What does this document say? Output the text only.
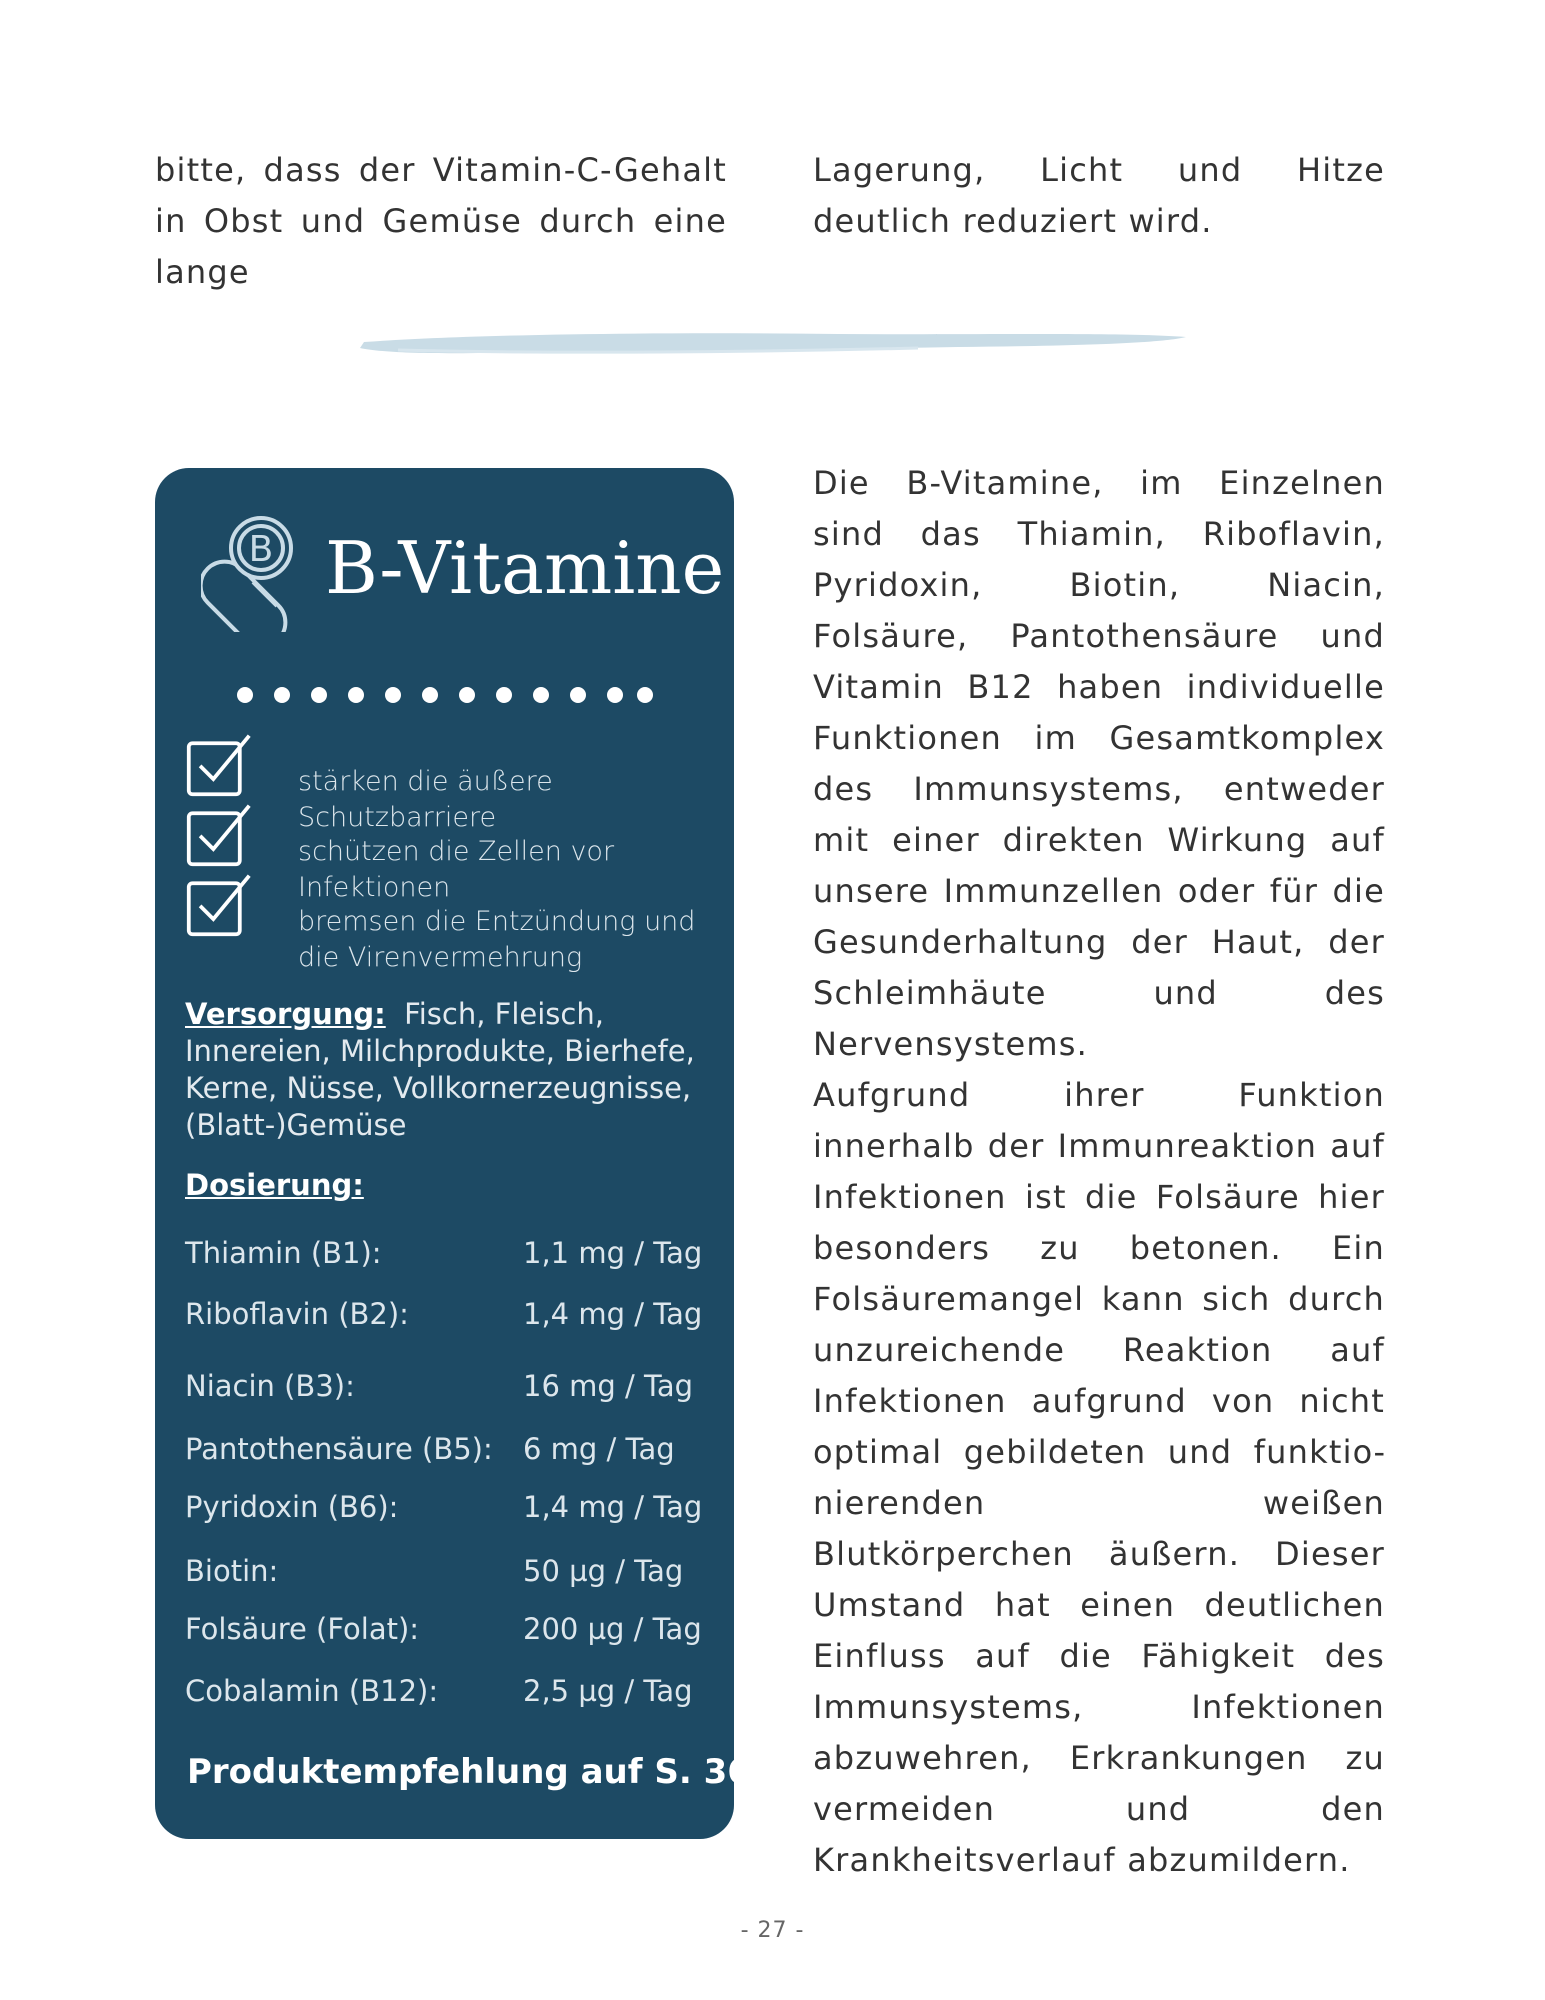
bitte, dass der Vitamin-C-Gehalt in Obst und Gemüse durch eine lange
Lagerung, Licht und Hitze deutlich reduziert wird.
B B-Vitamine
stärken die äußere Schutzbarriere
schützen die Zellen vor Infektionen
bremsen die Entzündung und die Virenvermehrung
Versorgung: Fisch, Fleisch, Innereien, Milchprodukte, Bierhefe, Kerne, Nüsse, Vollkornerzeugnisse, (Blatt-)Gemüse
Dosierung:
Thiamin (B1):	1,1 mg / Tag
Riboflavin (B2):	1,4 mg / Tag
Niacin (B3):	16 mg / Tag
Pantothensäure (B5): 6 mg / Tag
Pyridoxin (B6):	1,4 mg / Tag
Biotin:	50 µg / Tag
Folsäure (Folat):	200 µg / Tag
Cobalamin (B12):	2,5 µg / Tag
Produktempfehlung auf S. 36

Die B-Vitamine, im Einzelnen sind das Thiamin, Riboflavin, Pyridoxin, Biotin, Niacin, Folsäure, Pantothensäure und Vitamin B12 haben individuelle Funktionen im Gesamtkomplex des Immunsystems, entweder mit einer direkten Wirkung auf unsere Immunzellen oder für die Gesunderhaltung der Haut, der Schleimhäute und des Nervensystems.

Aufgrund ihrer Funktion innerhalb der Immunreaktion auf Infektionen ist die Folsäure hier besonders zu betonen. Ein Folsäuremangel kann sich durch unzureichende Reaktion auf Infektionen aufgrund von nicht optimal gebildeten und funktionierenden weißen Blutkörperchen äußern. Dieser Umstand hat einen deutlichen Einfluss auf die Fähigkeit des Immunsystems, Infektionen abzuwehren, Erkrankungen zu vermeiden und den Krankheitsverlauf abzumildern.

- 27 -
